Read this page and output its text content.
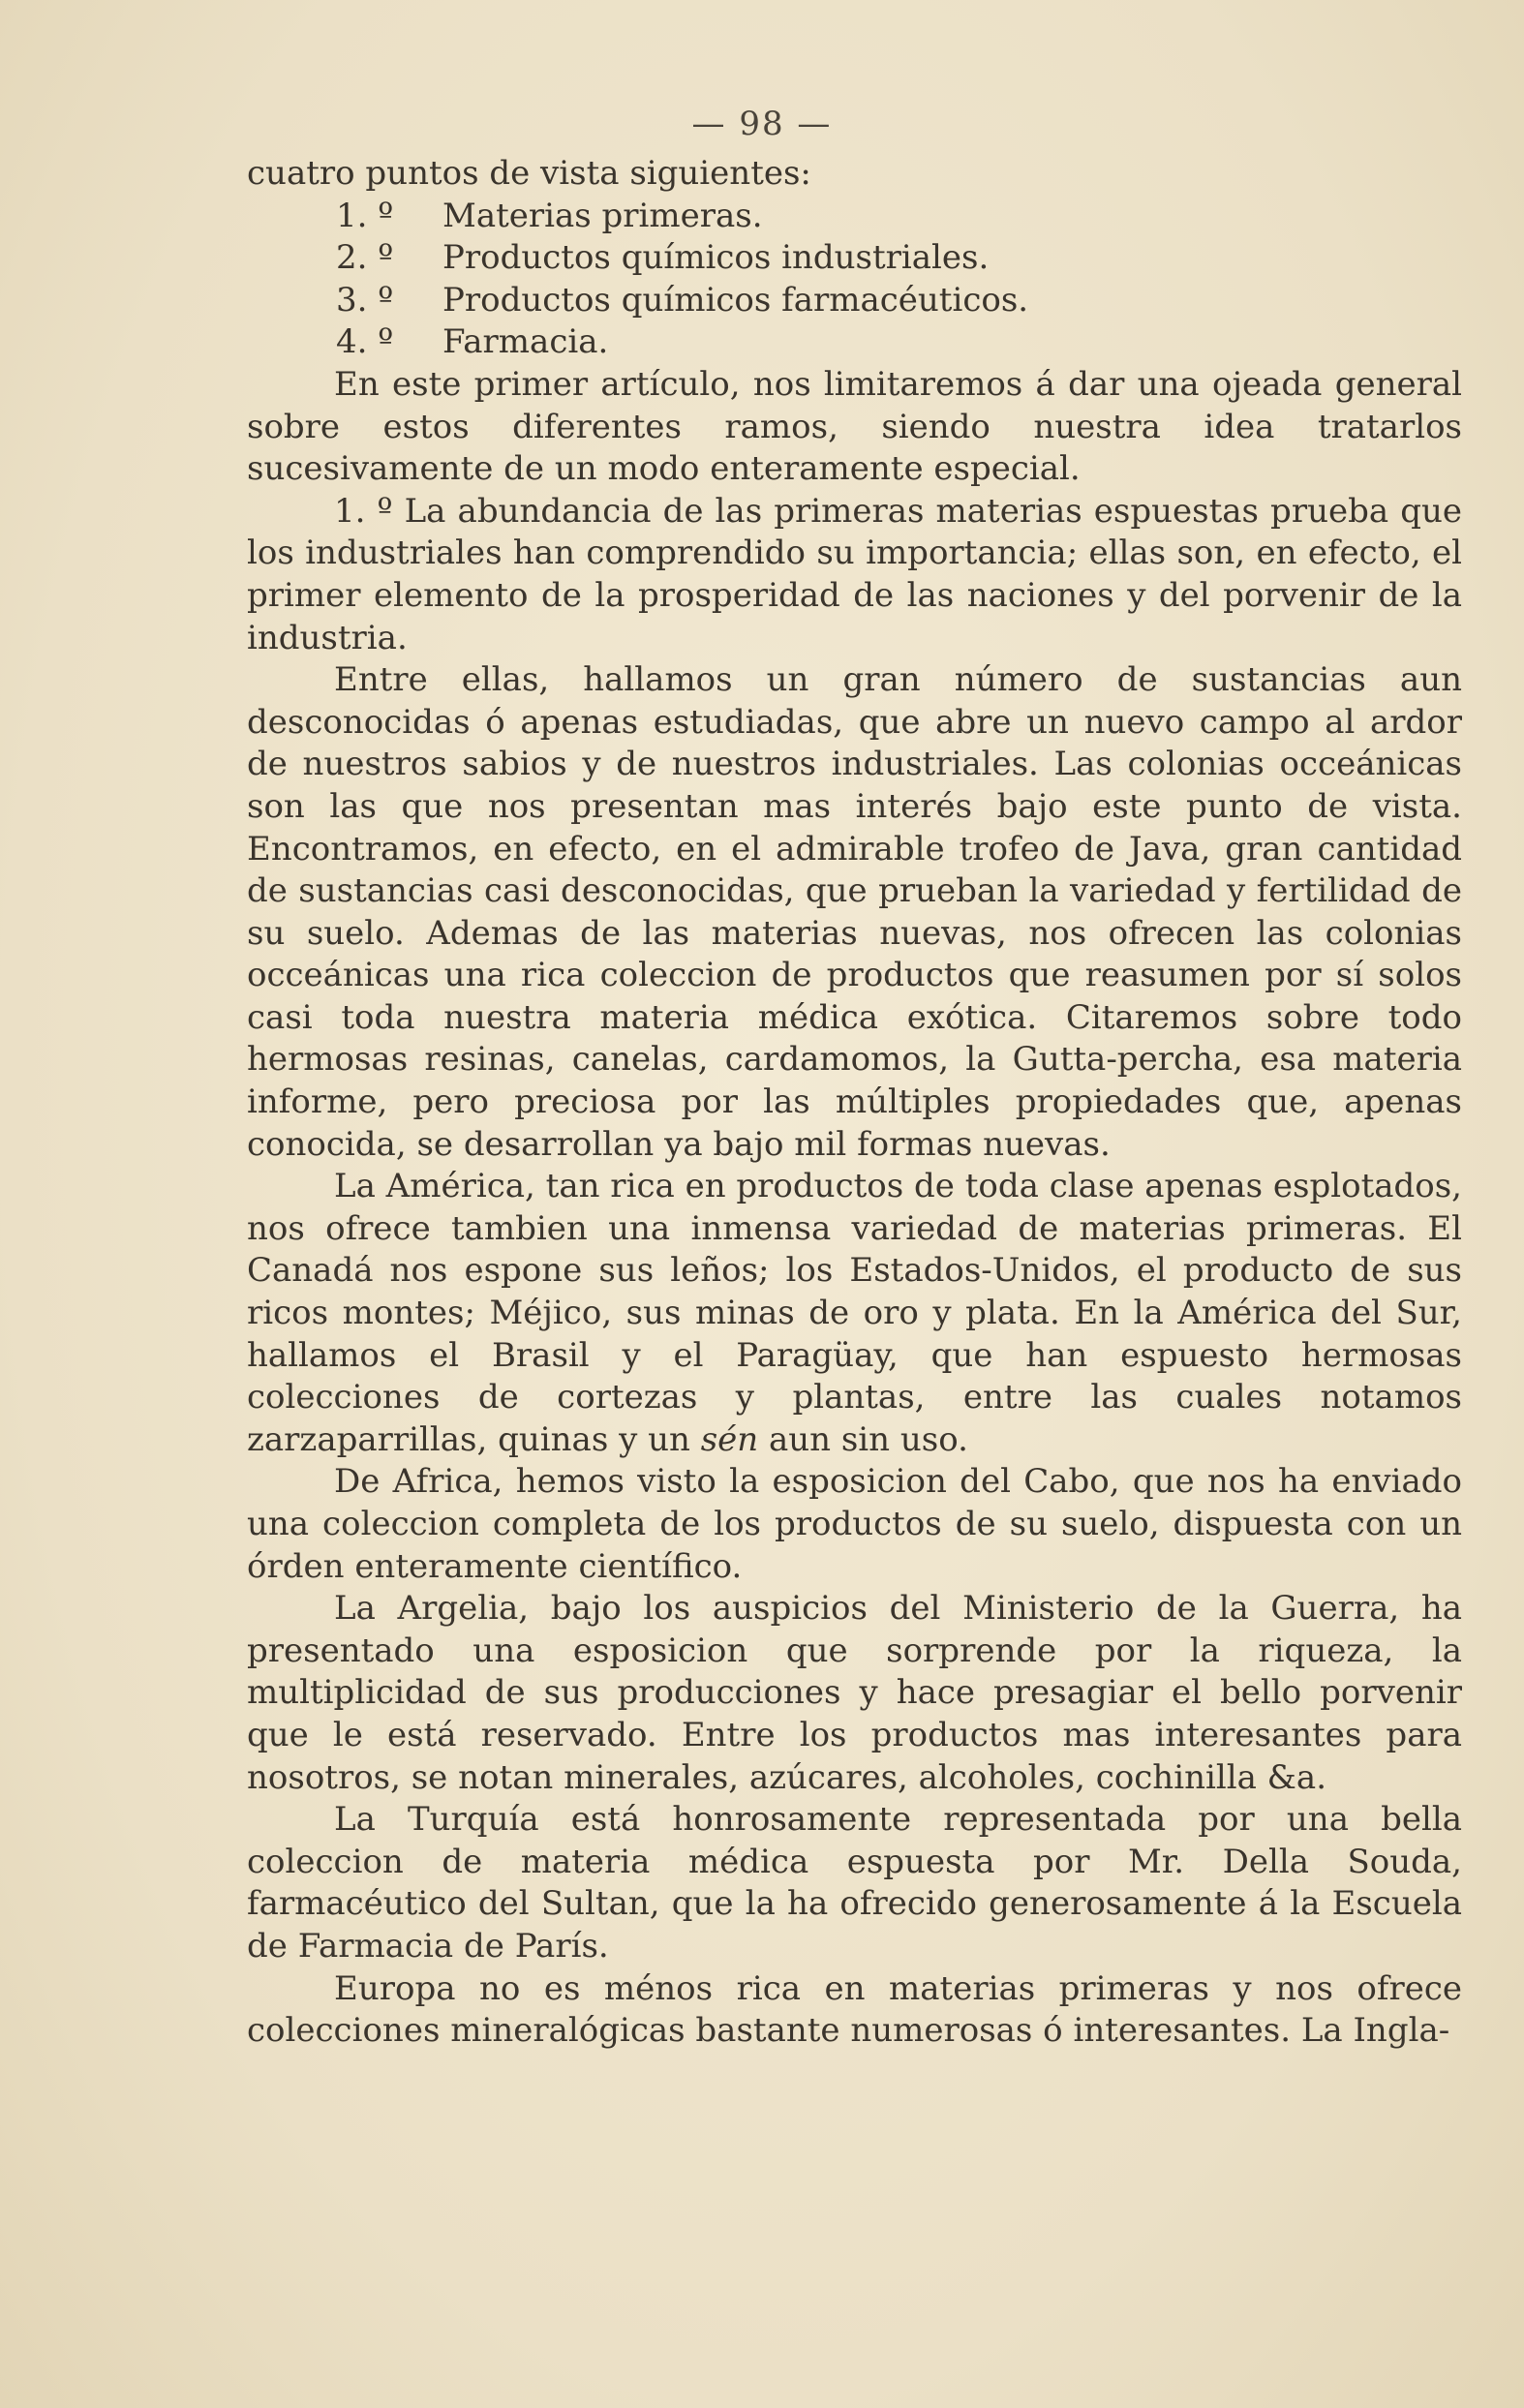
— 98 —

cuatro puntos de vista siguientes:

1. º Materias primeras.

2. º Productos químicos industriales.

3. º Productos químicos farmacéuticos.

4. º Farmacia.

En este primer artículo, nos limitaremos á dar una ojeada general sobre estos diferentes ramos, siendo nuestra idea tratarlos sucesivamente de un modo enteramente especial.

1. º La abundancia de las primeras materias espuestas prueba que los industriales han comprendido su importancia; ellas son, en efecto, el primer elemento de la prosperidad de las naciones y del porvenir de la industria.

Entre ellas, hallamos un gran número de sustancias aun desconocidas ó apenas estudiadas, que abre un nuevo campo al ardor de nuestros sabios y de nuestros industriales. Las colonias occeánicas son las que nos presentan mas interés bajo este punto de vista. Encontramos, en efecto, en el admirable trofeo de Java, gran cantidad de sustancias casi desconocidas, que prueban la variedad y fertilidad de su suelo. Ademas de las materias nuevas, nos ofrecen las colonias occeánicas una rica coleccion de productos que reasumen por sí solos casi toda nuestra materia médica exótica. Citaremos sobre todo hermosas resinas, canelas, cardamomos, la Gutta-percha, esa materia informe, pero preciosa por las múltiples propiedades que, apenas conocida, se desarrollan ya bajo mil formas nuevas.

La América, tan rica en productos de toda clase apenas esplotados, nos ofrece tambien una inmensa variedad de materias primeras. El Canadá nos espone sus leños; los Estados-Unidos, el producto de sus ricos montes; Méjico, sus minas de oro y plata. En la América del Sur, hallamos el Brasil y el Paragüay, que han espuesto hermosas colecciones de cortezas y plantas, entre las cuales notamos zarzaparrillas, quinas y un sén aun sin uso.

De Africa, hemos visto la esposicion del Cabo, que nos ha enviado una coleccion completa de los productos de su suelo, dispuesta con un órden enteramente científico.

La Argelia, bajo los auspicios del Ministerio de la Guerra, ha presentado una esposicion que sorprende por la riqueza, la multiplicidad de sus producciones y hace presagiar el bello porvenir que le está reservado. Entre los productos mas interesantes para nosotros, se notan minerales, azúcares, alcoholes, cochinilla &a.

La Turquía está honrosamente representada por una bella coleccion de materia médica espuesta por Mr. Della Souda, farmacéutico del Sultan, que la ha ofrecido generosamente á la Escuela de Farmacia de París.

Europa no es ménos rica en materias primeras y nos ofrece colecciones mineralógicas bastante numerosas ó interesantes. La Ingla-
